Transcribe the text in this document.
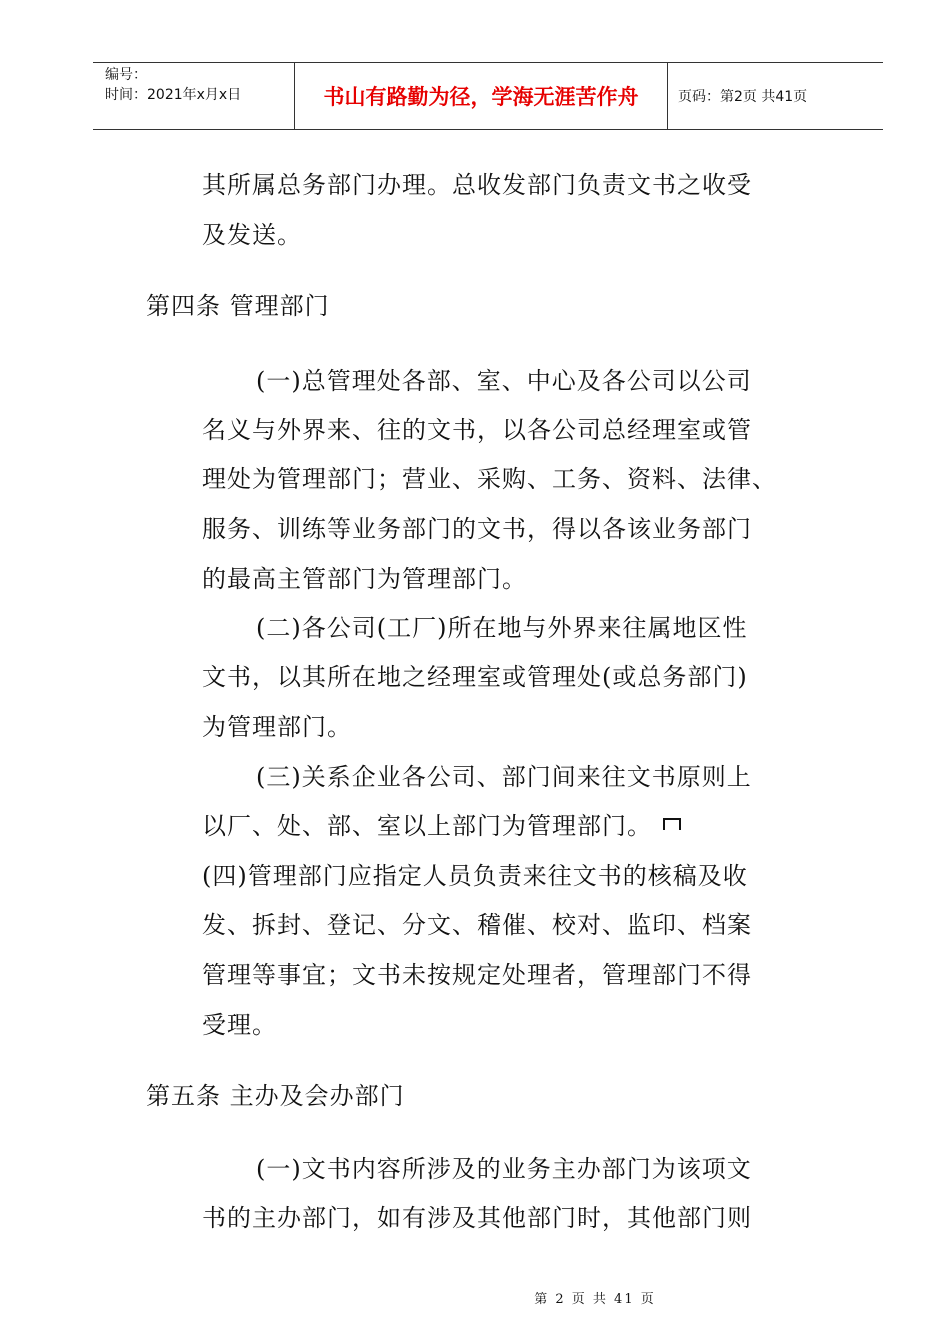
编号：
时间：2021年x月x日	书山有路勤为径，学海无涯苦作舟	页码：第2页 共41页
其所属总务部门办理。总收发部门负责文书之收受
及发送。
第四条 管理部门
(一)总管理处各部、室、中心及各公司以公司
名义与外界来、往的文书，以各公司总经理室或管
理处为管理部门；营业、采购、工务、资料、法律、
服务、训练等业务部门的文书，得以各该业务部门
的最高主管部门为管理部门。
(二)各公司(工厂)所在地与外界来往属地区性
文书，以其所在地之经理室或管理处(或总务部门)
为管理部门。
(三)关系企业各公司、部门间来往文书原则上
以厂、处、部、室以上部门为管理部门。
(四)管理部门应指定人员负责来往文书的核稿及收
发、拆封、登记、分文、稽催、校对、监印、档案
管理等事宜；文书未按规定处理者，管理部门不得
受理。
第五条 主办及会办部门
(一)文书内容所涉及的业务主办部门为该项文
书的主办部门，如有涉及其他部门时，其他部门则
第 2 页 共 41 页
